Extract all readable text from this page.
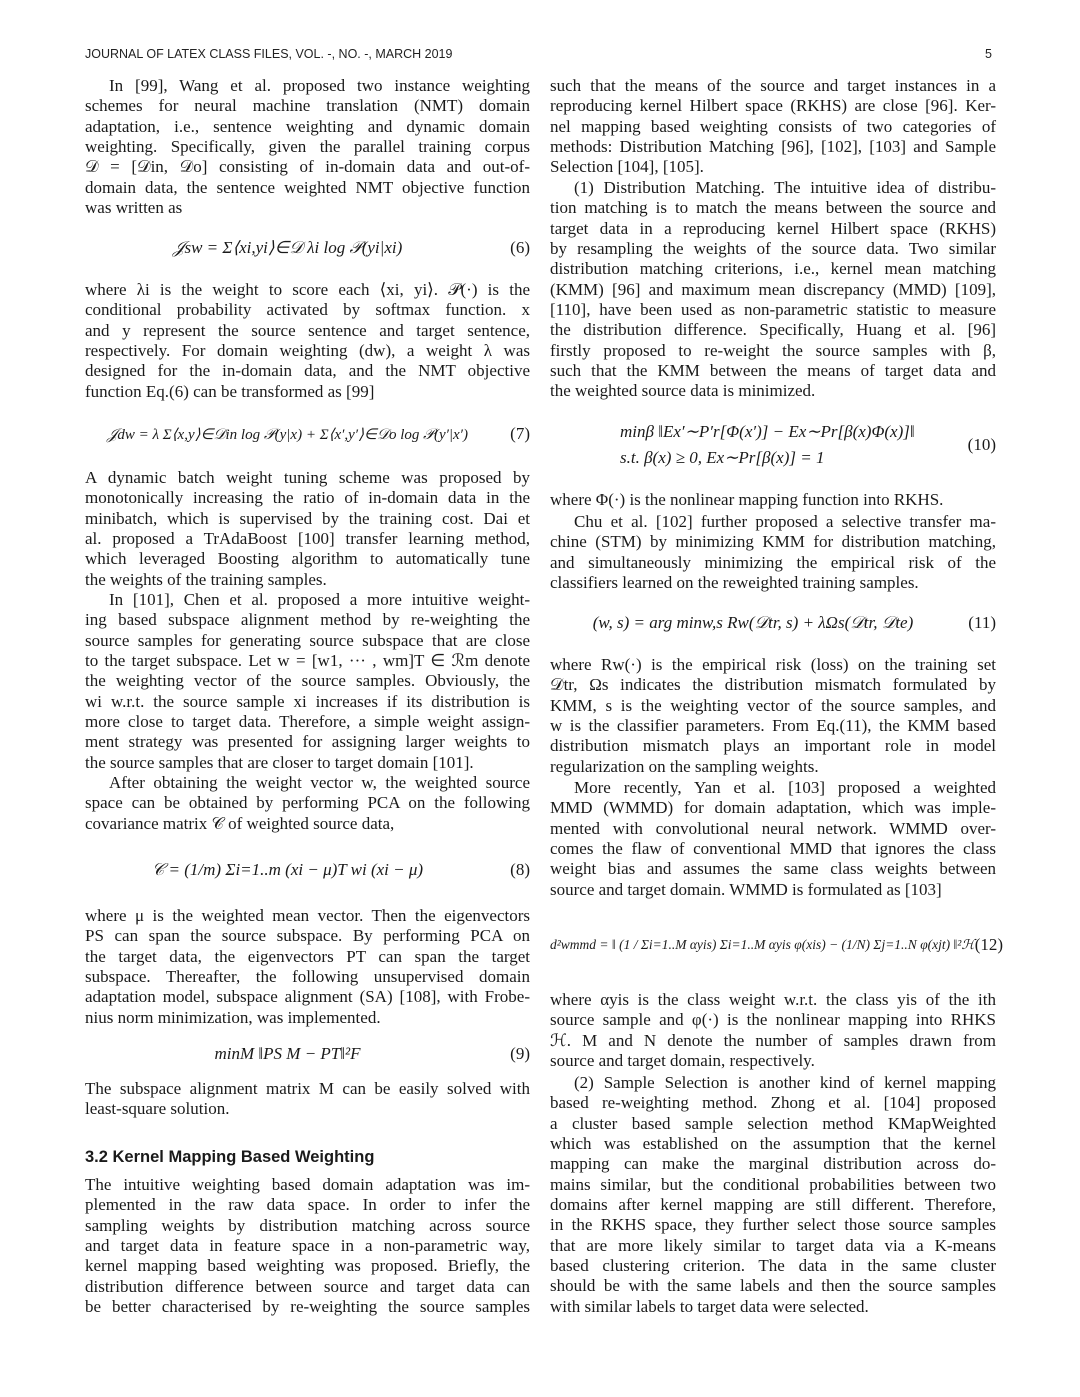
JOURNAL OF LATEX CLASS FILES, VOL. -, NO. -, MARCH 2019	5
In [99], Wang et al. proposed two instance weighting
schemes for neural machine translation (NMT) domain
adaptation, i.e., sentence weighting and dynamic domain
weighting. Specifically, given the parallel training corpus
𝒟 = [𝒟in, 𝒟o] consisting of in-domain data and out-of-
domain data, the sentence weighted NMT objective function
was written as
𝒥sw = Σ⟨xi,yi⟩∈𝒟 λi log 𝒫(yi|xi)	(6)
where λi is the weight to score each ⟨xi, yi⟩. 𝒫(·) is the
conditional probability activated by softmax function. x
and y represent the source sentence and target sentence,
respectively. For domain weighting (dw), a weight λ was
designed for the in-domain data, and the NMT objective
function Eq.(6) can be transformed as [99]
𝒥dw = λ Σ⟨x,y⟩∈𝒟in log 𝒫(y|x) + Σ⟨x′,y′⟩∈𝒟o log 𝒫(y′|x′)	(7)
A dynamic batch weight tuning scheme was proposed by
monotonically increasing the ratio of in-domain data in the
minibatch, which is supervised by the training cost. Dai et
al. proposed a TrAdaBoost [100] transfer learning method,
which leveraged Boosting algorithm to automatically tune
the weights of the training samples.
In [101], Chen et al. proposed a more intuitive weight-
ing based subspace alignment method by re-weighting the
source samples for generating source subspace that are close
to the target subspace. Let w = [w1, ··· , wm]T ∈ ℛm denote
the weighting vector of the source samples. Obviously, the
wi w.r.t. the source sample xi increases if its distribution is
more close to target data. Therefore, a simple weight assign-
ment strategy was presented for assigning larger weights to
the source samples that are closer to target domain [101].
After obtaining the weight vector w, the weighted source
space can be obtained by performing PCA on the following
covariance matrix 𝒞 of weighted source data,
𝒞 = (1/m) Σi=1..m (xi − μ)T wi (xi − μ)	(8)
where μ is the weighted mean vector. Then the eigenvectors
PS can span the source subspace. By performing PCA on
the target data, the eigenvectors PT can span the target
subspace. Thereafter, the following unsupervised domain
adaptation model, subspace alignment (SA) [108], with Frobe-
nius norm minimization, was implemented.
minM ‖PS M − PT‖²F	(9)
The subspace alignment matrix M can be easily solved with
least-square solution.
3.2 Kernel Mapping Based Weighting
The intuitive weighting based domain adaptation was im-
plemented in the raw data space. In order to infer the
sampling weights by distribution matching across source
and target data in feature space in a non-parametric way,
kernel mapping based weighting was proposed. Briefly, the
distribution difference between source and target data can
be better characterised by re-weighting the source samples
such that the means of the source and target instances in a
reproducing kernel Hilbert space (RKHS) are close [96]. Ker-
nel mapping based weighting consists of two categories of
methods: Distribution Matching [96], [102], [103] and Sample
Selection [104], [105].
(1) Distribution Matching. The intuitive idea of distribu-
tion matching is to match the means between the source and
target data in a reproducing kernel Hilbert space (RKHS)
by resampling the weights of the source data. Two similar
distribution matching criterions, i.e., kernel mean matching
(KMM) [96] and maximum mean discrepancy (MMD) [109],
[110], have been used as non-parametric statistic to measure
the distribution difference. Specifically, Huang et al. [96]
firstly proposed to re-weight the source samples with β,
such that the KMM between the means of target data and
the weighted source data is minimized.
minβ ‖Ex′∼P′r[Φ(x′)] − Ex∼Pr[β(x)Φ(x)]‖
s.t. β(x) ≥ 0, Ex∼Pr[β(x)] = 1
(10)
where Φ(·) is the nonlinear mapping function into RKHS.
Chu et al. [102] further proposed a selective transfer ma-
chine (STM) by minimizing KMM for distribution matching,
and simultaneously minimizing the empirical risk of the
classifiers learned on the reweighted training samples.
(w, s) = arg minw,s Rw(𝒟tr, s) + λΩs(𝒟tr, 𝒟te)	(11)
where Rw(·) is the empirical risk (loss) on the training set
𝒟tr, Ωs indicates the distribution mismatch formulated by
KMM, s is the weighting vector of the source samples, and
w is the classifier parameters. From Eq.(11), the KMM based
distribution mismatch plays an important role in model
regularization on the sampling weights.
More recently, Yan et al. [103] proposed a weighted
MMD (WMMD) for domain adaptation, which was imple-
mented with convolutional neural network. WMMD over-
comes the flaw of conventional MMD that ignores the class
weight bias and assumes the same class weights between
source and target domain. WMMD is formulated as [103]
d²wmmd = ‖ (1 / Σi=1..M αyis) Σi=1..M αyis φ(xis) − (1/N) Σj=1..N φ(xjt) ‖²ℋ (12)
where αyis is the class weight w.r.t. the class yis of the ith
source sample and φ(·) is the nonlinear mapping into RHKS
ℋ. M and N denote the number of samples drawn from
source and target domain, respectively.
(2) Sample Selection is another kind of kernel mapping
based re-weighting method. Zhong et al. [104] proposed
a cluster based sample selection method KMapWeighted
which was established on the assumption that the kernel
mapping can make the marginal distribution across do-
mains similar, but the conditional probabilities between two
domains after kernel mapping are still different. Therefore,
in the RKHS space, they further select those source samples
that are more likely similar to target data via a K-means
based clustering criterion. The data in the same cluster
should be with the same labels and then the source samples
with similar labels to target data were selected.
